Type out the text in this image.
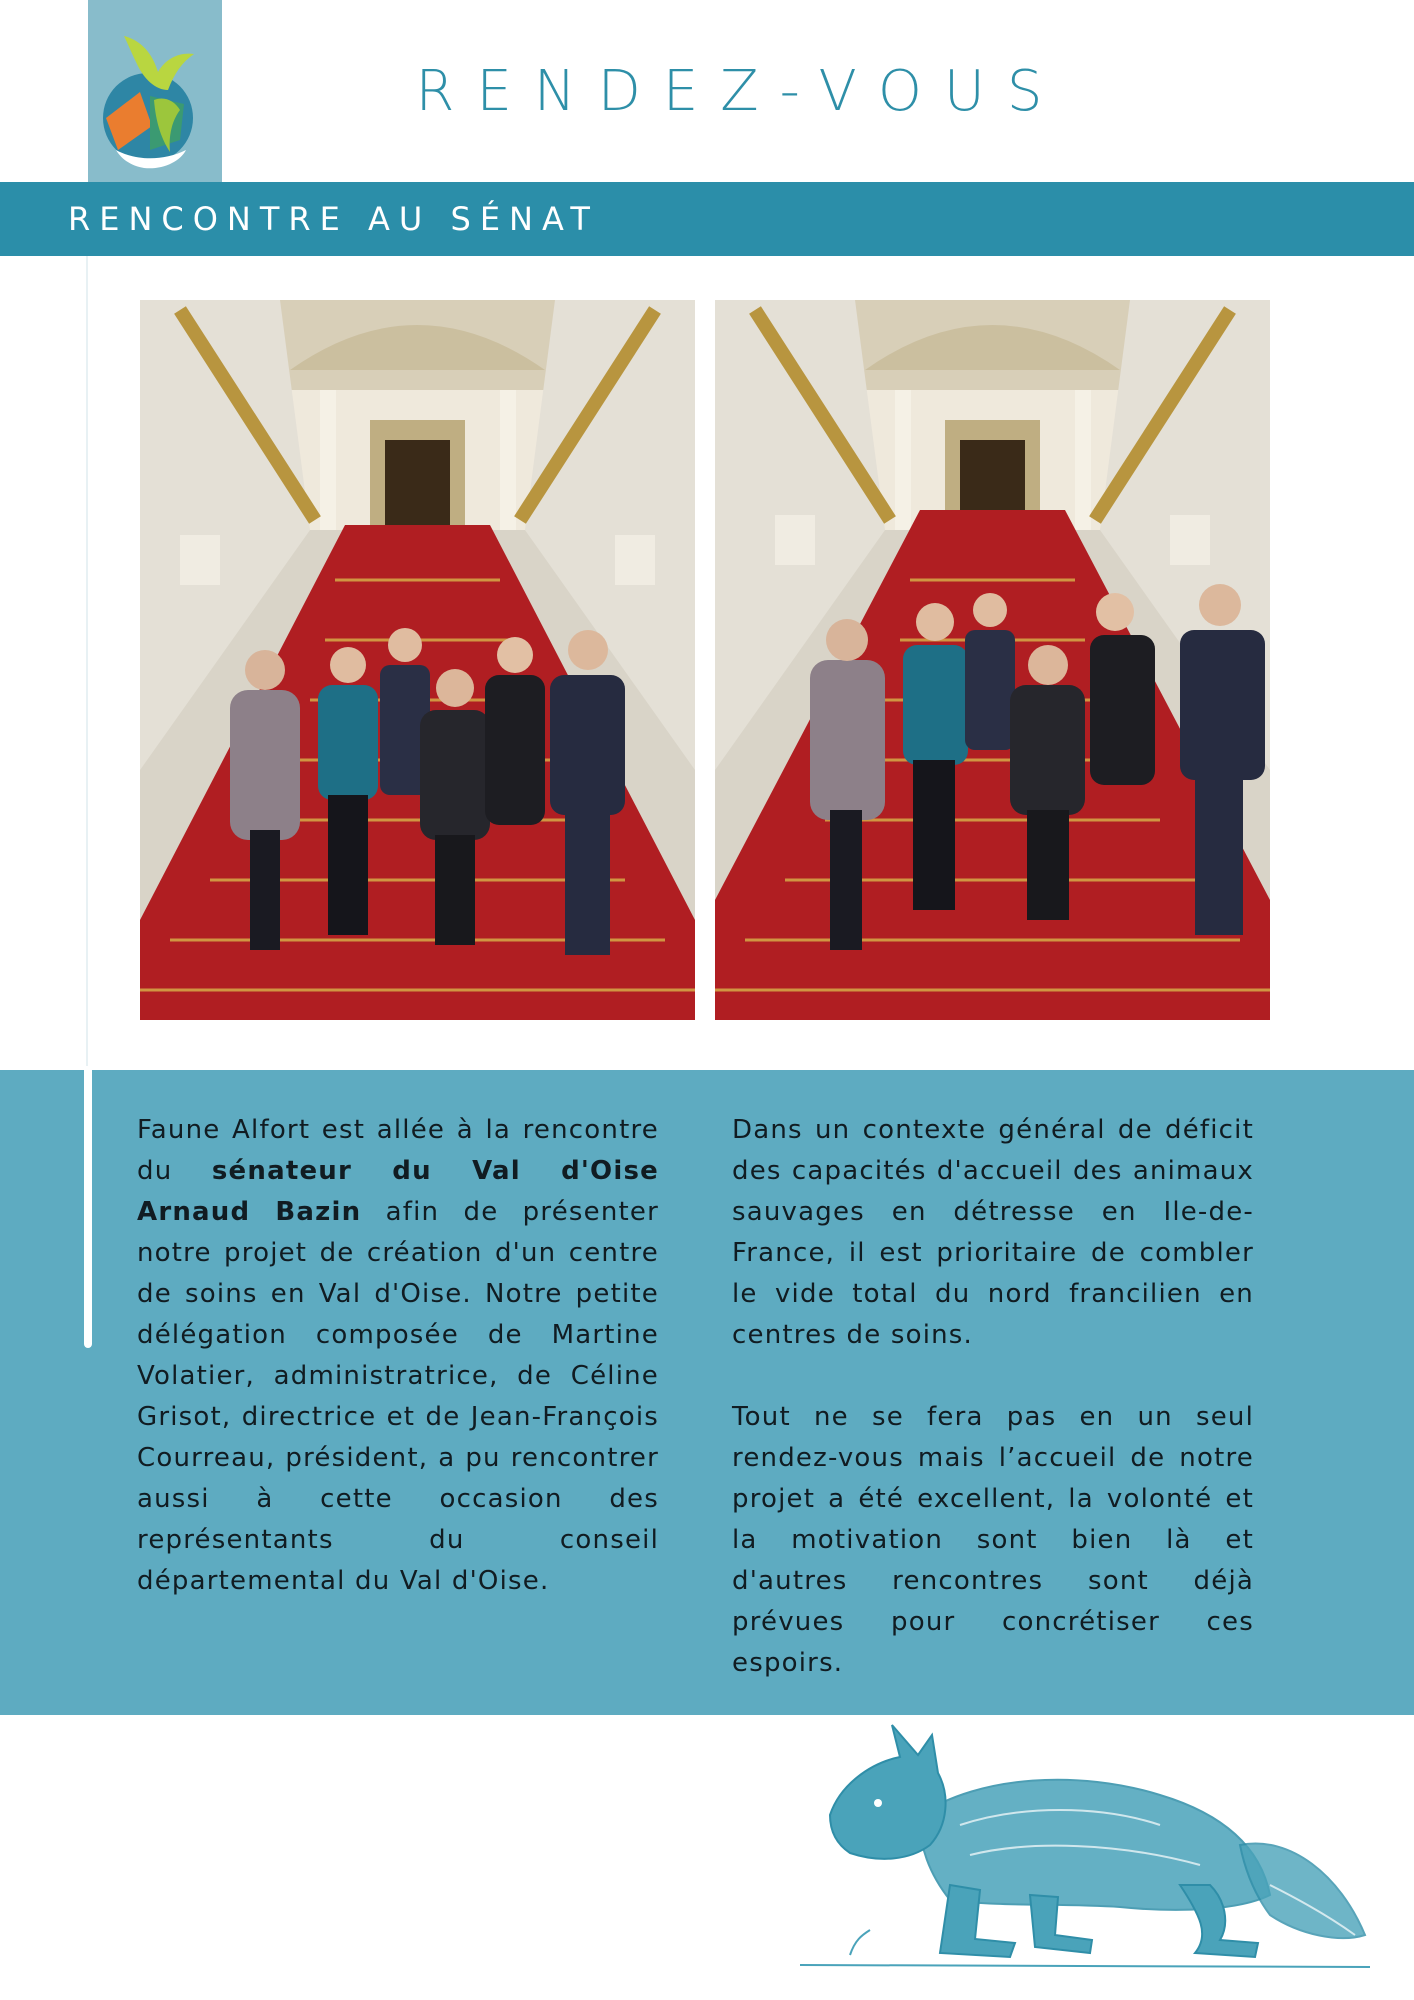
RENDEZ-VOUS
RENCONTRE AU SÉNAT

Faune Alfort est allée à la rencontre du sénateur du Val d'Oise Arnaud Bazin afin de présenter notre projet de création d'un centre de soins en Val d'Oise. Notre petite délégation composée de Martine Volatier, administratrice, de Céline Grisot, directrice et de Jean-François Courreau, président, a pu rencontrer aussi à cette occasion des représentants du conseil départemental du Val d'Oise.

Dans un contexte général de déficit des capacités d'accueil des animaux sauvages en détresse en Ile-de-France, il est prioritaire de combler le vide total du nord francilien en centres de soins.

Tout ne se fera pas en un seul rendez-vous mais l’accueil de notre projet a été excellent, la volonté et la motivation sont bien là et d'autres rencontres sont déjà prévues pour concrétiser ces espoirs.
